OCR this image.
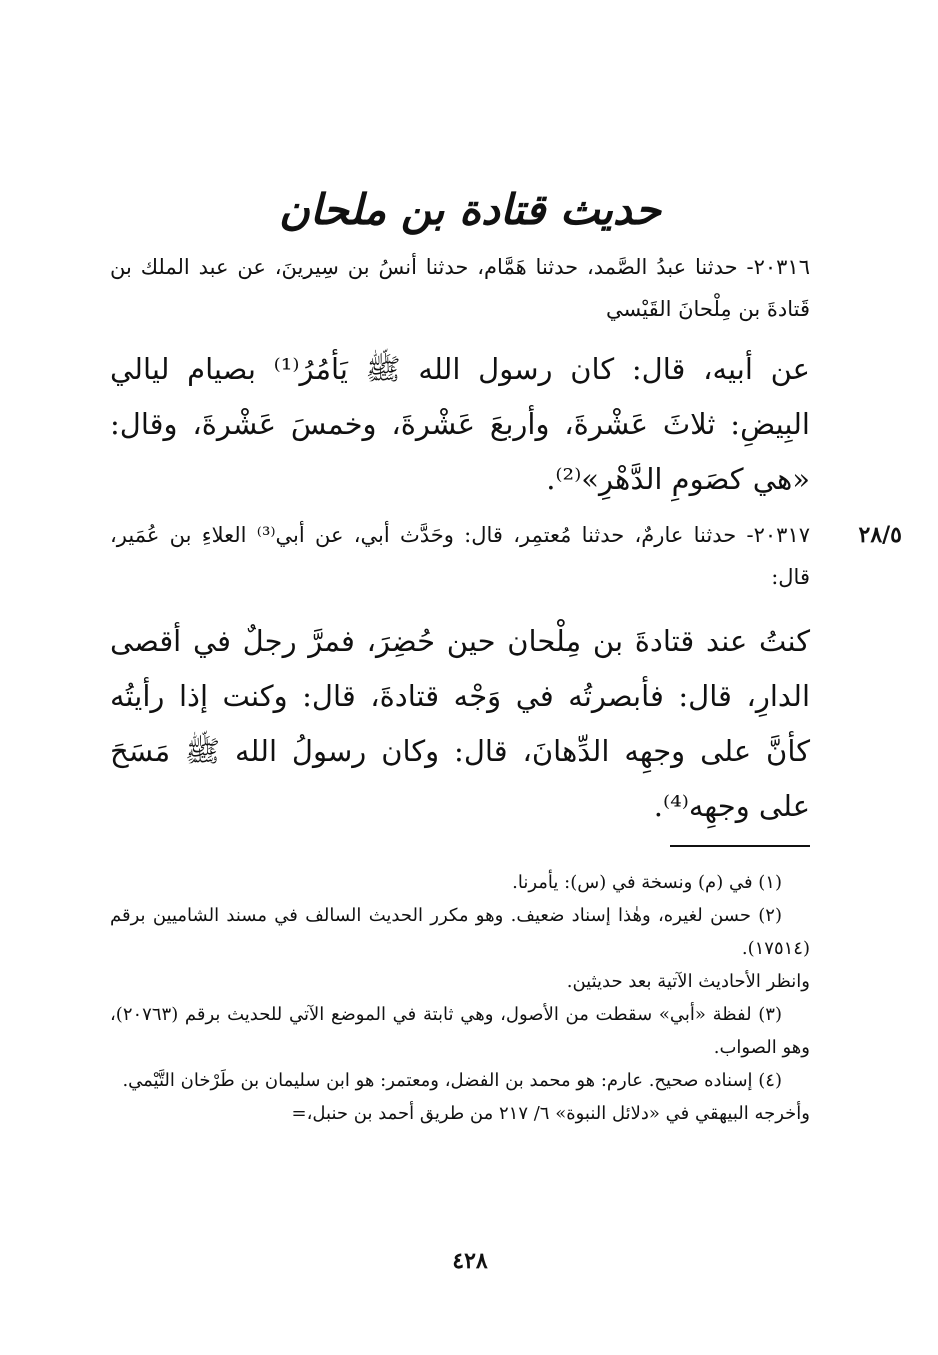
حديث قتادة بن ملحان
٢٠٣١٦- حدثنا عبدُ الصَّمد، حدثنا هَمَّام، حدثنا أنسُ بن سِيرينَ، عن عبد الملك بن قَتادةَ بن مِلْحانَ القَيْسي
عن أبيه، قال: كان رسول الله ﷺ يَأمُرُ⁽¹⁾ بصيام ليالي البِيضِ: ثلاثَ عَشْرةَ، وأربعَ عَشْرةَ، وخمسَ عَشْرةَ، وقال: «هي كصَومِ الدَّهْرِ»⁽²⁾.
٢٨/٥
٢٠٣١٧- حدثنا عارمٌ، حدثنا مُعتمِر، قال: وحَدَّث أبي، عن أبي⁽³⁾ العلاءِ بن عُمَير، قال:
كنتُ عند قتادةَ بن مِلْحان حين حُضِرَ، فمرَّ رجلٌ في أقصى الدارِ، قال: فأبصرتُه في وَجْه قتادةَ، قال: وكنت إذا رأيتُه كأنَّ على وجهِه الدِّهانَ، قال: وكان رسولُ الله ﷺ مَسَحَ على وجهِه⁽⁴⁾.

(١) في (م) ونسخة في (س): يأمرنا.

(٢) حسن لغيره، وهٰذا إسناد ضعيف. وهو مكرر الحديث السالف في مسند الشاميين برقم (١٧٥١٤).

وانظر الأحاديث الآتية بعد حديثين.

(٣) لفظة «أبي» سقطت من الأصول، وهي ثابتة في الموضع الآتي للحديث برقم (٢٠٧٦٣)، وهو الصواب.

(٤) إسناده صحيح. عارم: هو محمد بن الفضل، ومعتمر: هو ابن سليمان بن طَرْخان التَّيْمي.

وأخرجه البيهقي في «دلائل النبوة» ٦/ ٢١٧ من طريق أحمد بن حنبل،=

٤٢٨
